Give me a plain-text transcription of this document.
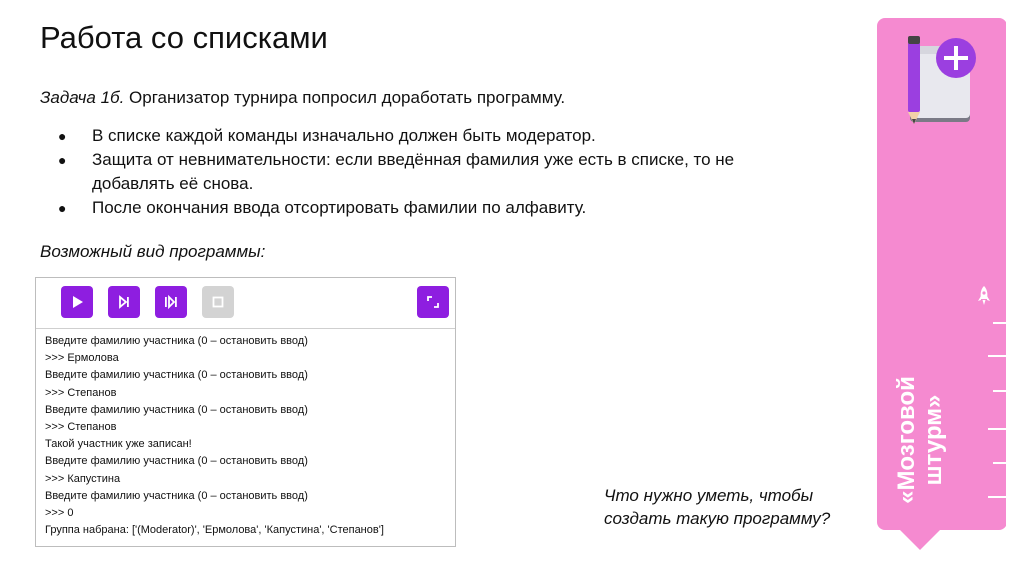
Работа со списками
Задача 1б. Организатор турнира попросил доработать программу.
● В списке каждой команды изначально должен быть модератор.
● Защита от невнимательности: если введённая фамилия уже есть в списке, то не добавлять её снова.
● После окончания ввода отсортировать фамилии по алфавиту.
Возможный вид программы:
Введите фамилию участника (0 – остановить ввод)
>>> Ермолова
Введите фамилию участника (0 – остановить ввод)
>>> Степанов
Введите фамилию участника (0 – остановить ввод)
>>> Степанов
Такой участник уже записан!
Введите фамилию участника (0 – остановить ввод)
>>> Капустина
Введите фамилию участника (0 – остановить ввод)
>>> 0
Группа набрана: ['(Moderator)', 'Ермолова', 'Капустина', 'Степанов']
Что нужно уметь, чтобы создать такую программу?
«Мозговой
штурм»
